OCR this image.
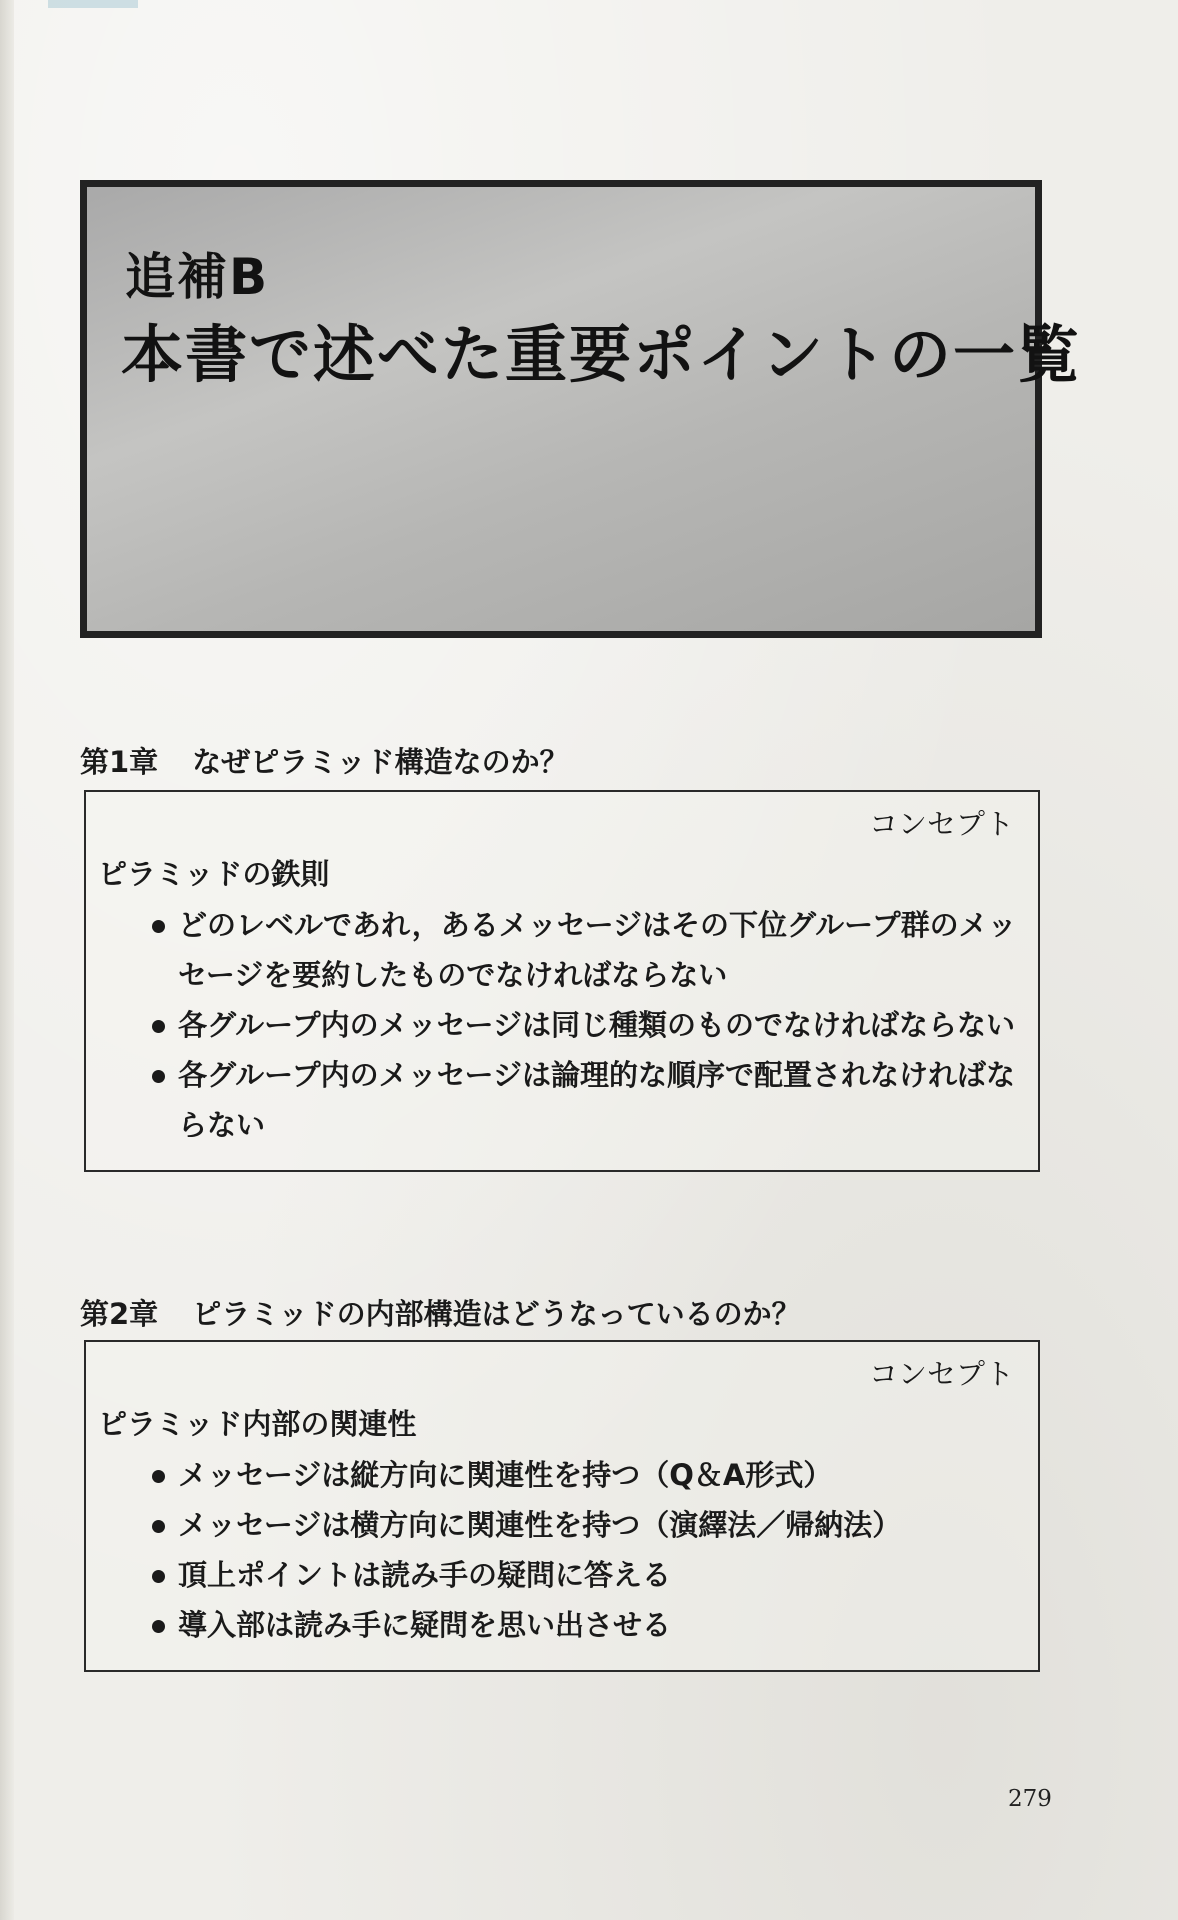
追補B
本書で述べた重要ポイントの一覧
第1章 なぜピラミッド構造なのか？
コンセプト
ピラミッドの鉄則
どのレベルであれ，あるメッセージはその下位グループ群のメッセージを要約したものでなければならない
各グループ内のメッセージは同じ種類のものでなければならない
各グループ内のメッセージは論理的な順序で配置されなければならない
第2章 ピラミッドの内部構造はどうなっているのか？
コンセプト
ピラミッド内部の関連性
メッセージは縦方向に関連性を持つ（Q＆A形式）
メッセージは横方向に関連性を持つ（演繹法／帰納法）
頂上ポイントは読み手の疑問に答える
導入部は読み手に疑問を思い出させる
279
